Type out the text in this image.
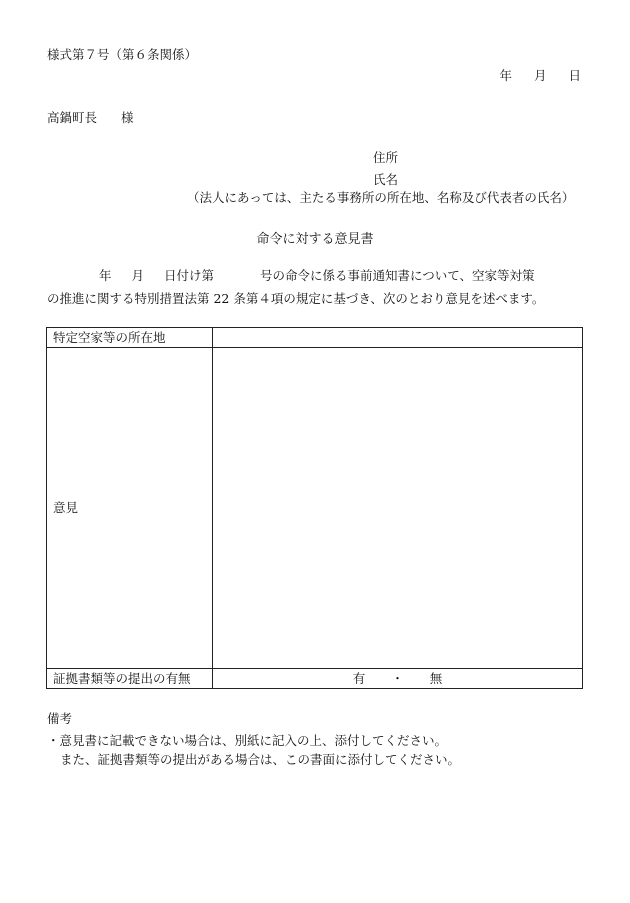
様式第７号（第６条関係）
年 月 日
高鍋町長 様
住所
氏名
（法人にあっては、主たる事務所の所在地、名称及び代表者の氏名）
命令に対する意見書
年 月 日付け第	号の命令に係る事前通知書について、空家等対策
の推進に関する特別措置法第 22 条第４項の規定に基づき、次のとおり意見を述べます。
特定空家等の所在地	
意見	
証拠書類等の提出の有無	有 ・ 無
備考
・意見書に記載できない場合は、別紙に記入の上、添付してください。
また、証拠書類等の提出がある場合は、この書面に添付してください。
